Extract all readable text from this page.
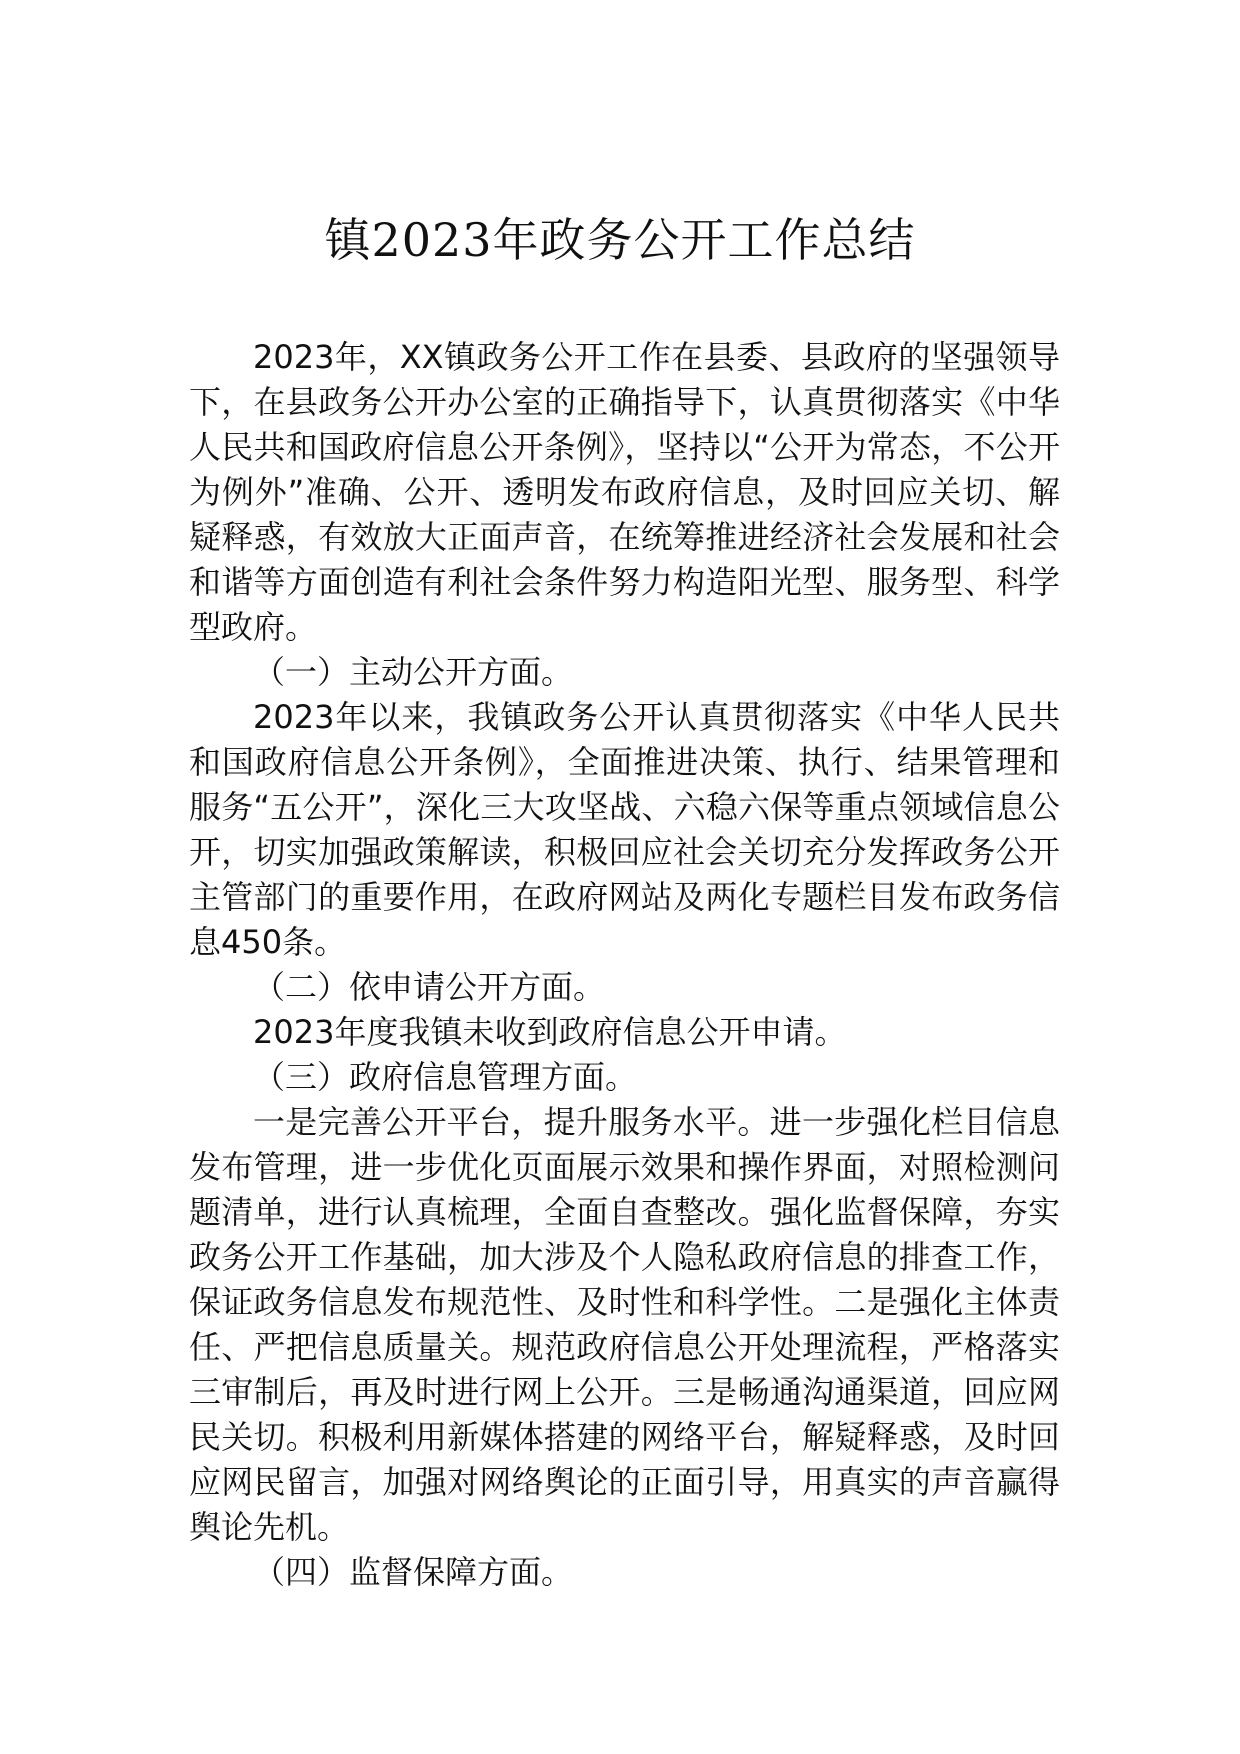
镇2023年政务公开工作总结

2023年，XX镇政务公开工作在县委、县政府的坚强领导下，在县政务公开办公室的正确指导下，认真贯彻落实《中华人民共和国政府信息公开条例》，坚持以“公开为常态，不公开为例外”准确、公开、透明发布政府信息，及时回应关切、解疑释惑，有效放大正面声音，在统筹推进经济社会发展和社会和谐等方面创造有利社会条件努力构造阳光型、服务型、科学型政府。

（一）主动公开方面。

2023年以来，我镇政务公开认真贯彻落实《中华人民共和国政府信息公开条例》，全面推进决策、执行、结果管理和服务“五公开”，深化三大攻坚战、六稳六保等重点领域信息公开，切实加强政策解读，积极回应社会关切充分发挥政务公开主管部门的重要作用，在政府网站及两化专题栏目发布政务信息450条。

（二）依申请公开方面。

2023年度我镇未收到政府信息公开申请。

（三）政府信息管理方面。

一是完善公开平台，提升服务水平。进一步强化栏目信息发布管理，进一步优化页面展示效果和操作界面，对照检测问题清单，进行认真梳理，全面自查整改。强化监督保障，夯实政务公开工作基础，加大涉及个人隐私政府信息的排查工作，保证政务信息发布规范性、及时性和科学性。二是强化主体责任、严把信息质量关。规范政府信息公开处理流程，严格落实三审制后，再及时进行网上公开。三是畅通沟通渠道，回应网民关切。积极利用新媒体搭建的网络平台，解疑释惑，及时回应网民留言，加强对网络舆论的正面引导，用真实的声音赢得舆论先机。

（四）监督保障方面。
